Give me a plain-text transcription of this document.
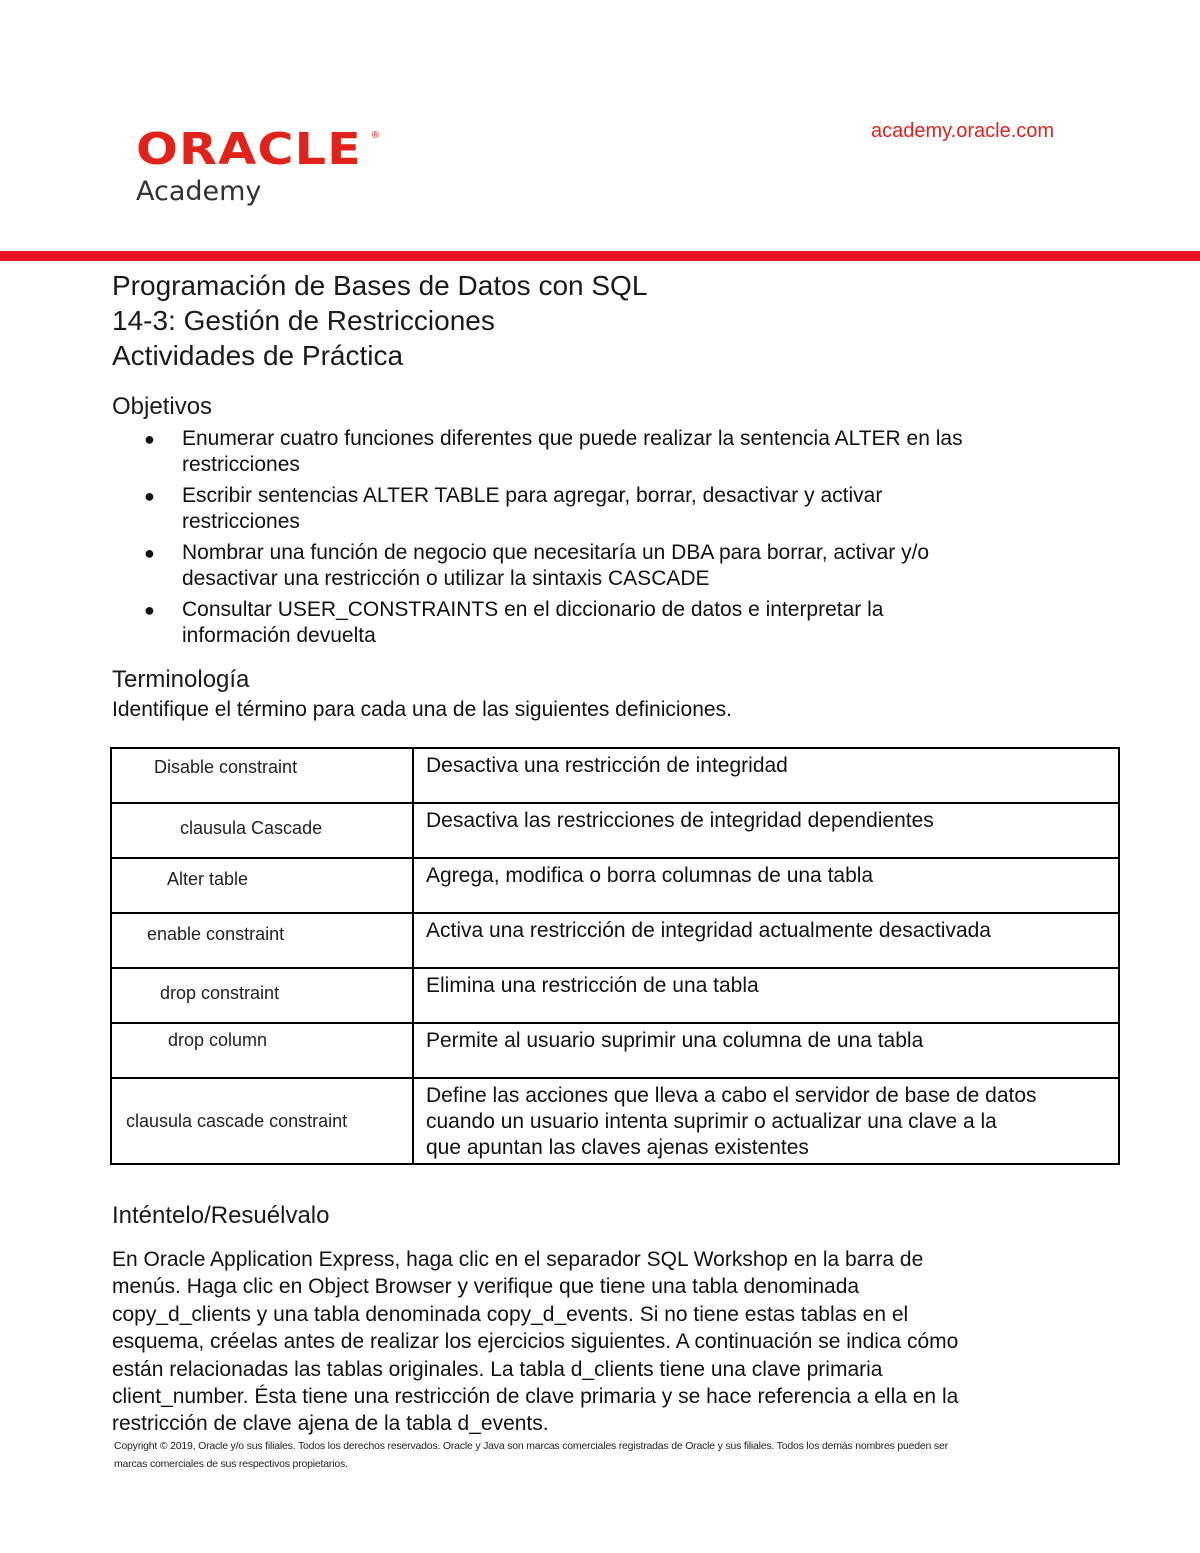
ORACLE ®
Academy
academy.oracle.com
Programación de Bases de Datos con SQL
14-3: Gestión de Restricciones
Actividades de Práctica
Objetivos
● Enumerar cuatro funciones diferentes que puede realizar la sentencia ALTER en las
restricciones
● Escribir sentencias ALTER TABLE para agregar, borrar, desactivar y activar
restricciones
● Nombrar una función de negocio que necesitaría un DBA para borrar, activar y/o
desactivar una restricción o utilizar la sintaxis CASCADE
● Consultar USER_CONSTRAINTS en el diccionario de datos e interpretar la
información devuelta
Terminología
Identifique el término para cada una de las siguientes definiciones.
Disable constraint	Desactiva una restricción de integridad
clausula Cascade	Desactiva las restricciones de integridad dependientes
Alter table	Agrega, modifica o borra columnas de una tabla
enable constraint	Activa una restricción de integridad actualmente desactivada
drop constraint	Elimina una restricción de una tabla
drop column	Permite al usuario suprimir una columna de una tabla
clausula cascade constraint	Define las acciones que lleva a cabo el servidor de base de datos
cuando un usuario intenta suprimir o actualizar una clave a la
que apuntan las claves ajenas existentes
Inténtelo/Resuélvalo
En Oracle Application Express, haga clic en el separador SQL Workshop en la barra de
menús. Haga clic en Object Browser y verifique que tiene una tabla denominada
copy_d_clients y una tabla denominada copy_d_events. Si no tiene estas tablas en el
esquema, créelas antes de realizar los ejercicios siguientes. A continuación se indica cómo
están relacionadas las tablas originales. La tabla d_clients tiene una clave primaria
client_number. Ésta tiene una restricción de clave primaria y se hace referencia a ella en la
restricción de clave ajena de la tabla d_events.
Copyright © 2019, Oracle y/o sus filiales. Todos los derechos reservados. Oracle y Java son marcas comerciales registradas de Oracle y sus filiales. Todos los demás nombres pueden ser
marcas comerciales de sus respectivos propietarios.
